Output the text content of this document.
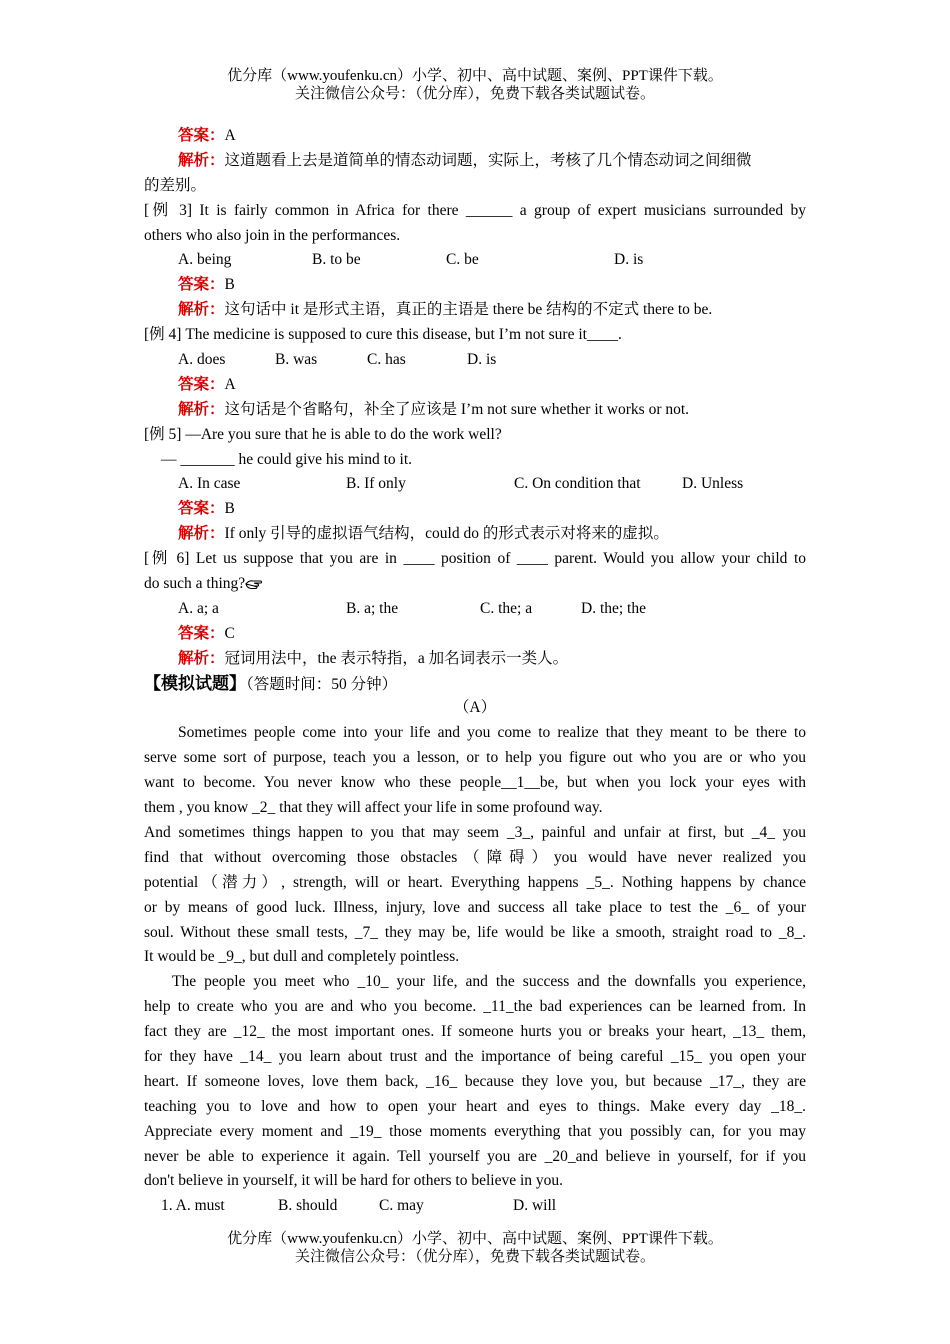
优分库（www.youfenku.cn）小学、初中、高中试题、案例、PPT课件下载。
关注微信公众号：（优分库），免费下载各类试题试卷。
答案：A
解析：这道题看上去是道简单的情态动词题，实际上，考核了几个情态动词之间细微
的差别。
[例 3] It is fairly common in Africa for there ______ a group of expert musicians surrounded by
others who also join in the performances.
A. being	B. to be	C. be	D. is
答案：B
解析：这句话中 it 是形式主语，真正的主语是 there be 结构的不定式 there to be.
[例 4] The medicine is supposed to cure this disease, but I’m not sure it____.
A. does	B. was	C. has	D. is
答案：A
解析：这句话是个省略句，补全了应该是 I’m not sure whether it works or not.
[例 5] —Are you sure that he is able to do the work well?
— _______ he could give his mind to it.
A. In case	B. If only	C. On condition that	D. Unless
答案：B
解析：If only 引导的虚拟语气结构，could do 的形式表示对将来的虚拟。
[例 6] Let us suppose that you are in ____ position of ____ parent. Would you allow your child to
do such a thing?
A. a; a	B. a; the	C. the; a	D. the; the
答案：C
解析：冠词用法中，the 表示特指，a 加名词表示一类人。
【模拟试题】（答题时间：50 分钟）
（A）
Sometimes people come into your life and you come to realize that they meant to be there to
serve some sort of purpose, teach you a lesson, or to help you figure out who you are or who you
want to become. You never know who these people__1__be, but when you lock your eyes with
them , you know _2_ that they will affect your life in some profound way.
And sometimes things happen to you that may seem _3_, painful and unfair at first, but _4_ you
find that without overcoming those obstacles（障碍）you would have never realized you
potential（潜力）, strength, will or heart. Everything happens _5_. Nothing happens by chance
or by means of good luck. Illness, injury, love and success all take place to test the _6_ of your
soul. Without these small tests, _7_ they may be, life would be like a smooth, straight road to _8_.
It would be _9_, but dull and completely pointless.
The people you meet who _10_ your life, and the success and the downfalls you experience,
help to create who you are and who you become. _11_the bad experiences can be learned from. In
fact they are _12_ the most important ones. If someone hurts you or breaks your heart, _13_ them,
for they have _14_ you learn about trust and the importance of being careful _15_ you open your
heart. If someone loves, love them back, _16_ because they love you, but because _17_, they are
teaching you to love and how to open your heart and eyes to things. Make every day _18_.
Appreciate every moment and _19_ those moments everything that you possibly can, for you may
never be able to experience it again. Tell yourself you are _20_and believe in yourself, for if you
don't believe in yourself, it will be hard for others to believe in you.
1. A. must	B. should	C. may	D. will
优分库（www.youfenku.cn）小学、初中、高中试题、案例、PPT课件下载。
关注微信公众号：（优分库），免费下载各类试题试卷。
